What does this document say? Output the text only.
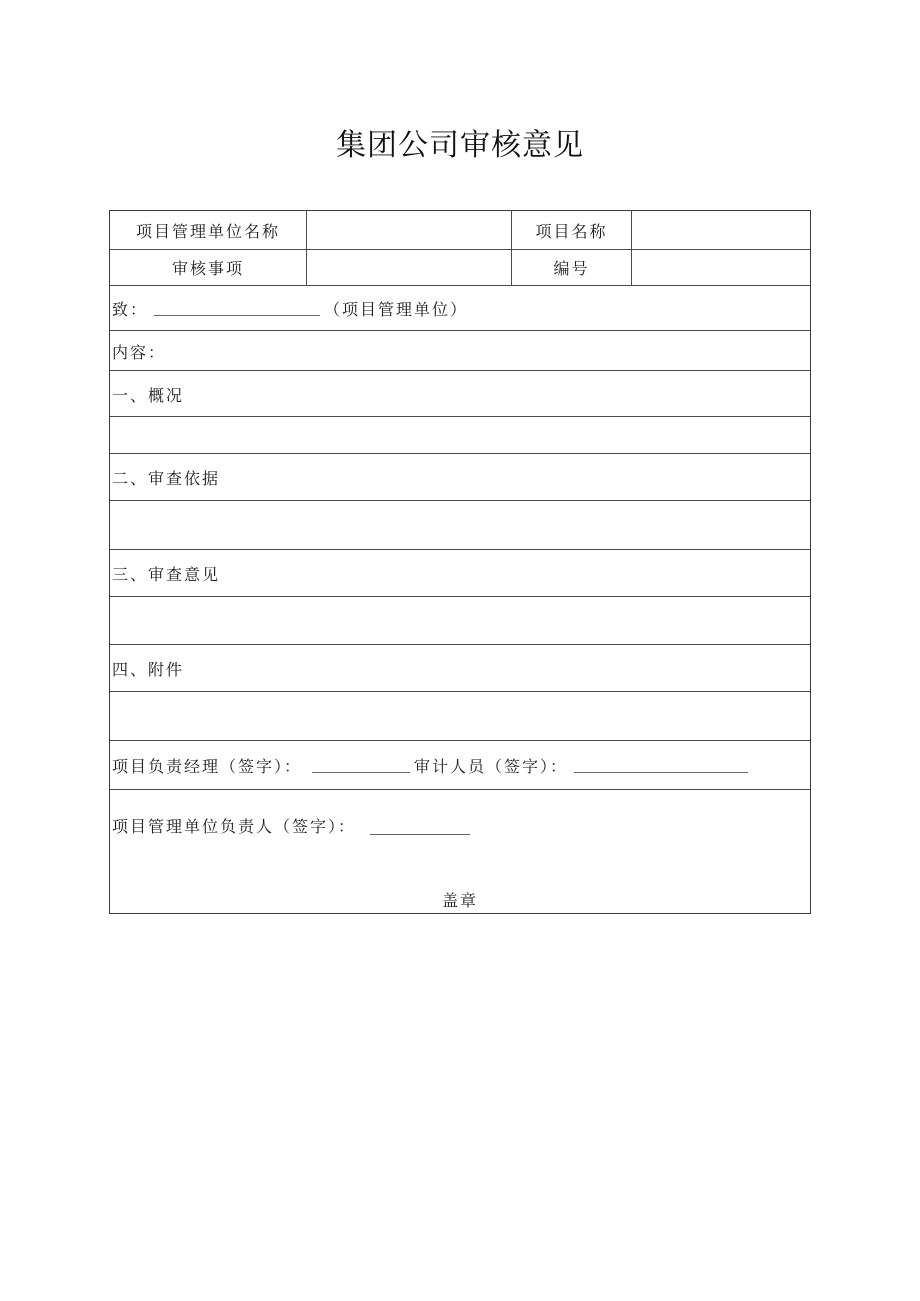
集团公司审核意见
项目管理单位名称	项目名称
审核事项	编号
致：	（项目管理单位）
内容：
一、概况
二、审查依据
三、审查意见
四、附件
项目负责经理（签字）：	审计人员（签字）：
项目管理单位负责人（签字）：
盖章
